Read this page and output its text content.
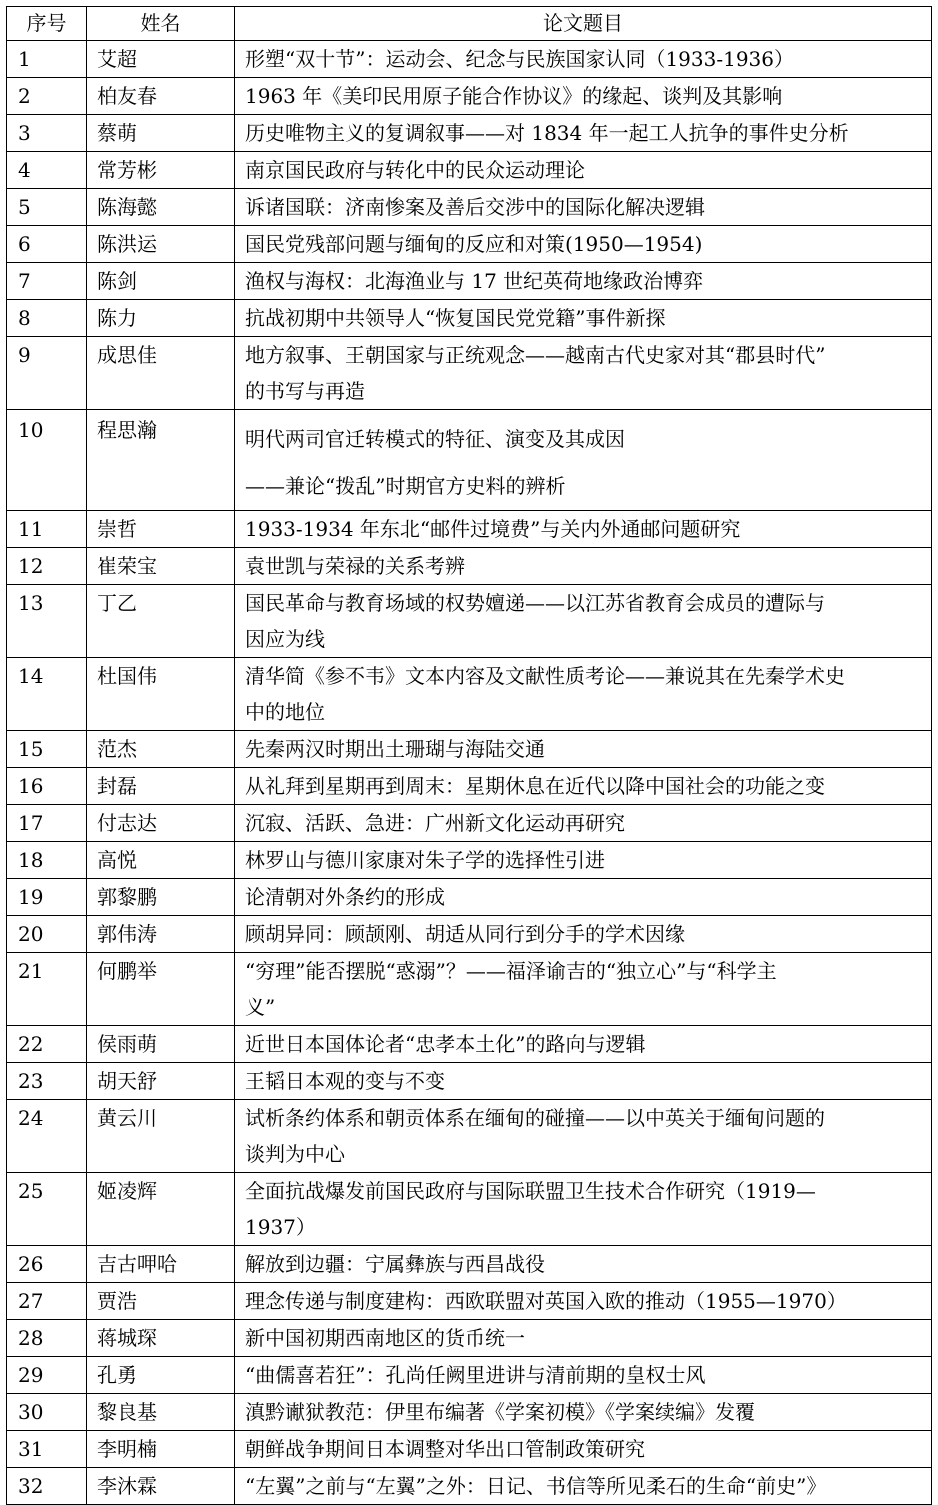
序号	姓名	论文题目
1	艾超	形塑“双十节”：运动会、纪念与民族国家认同（1933-1936）

2	柏友春	1963 年《美印民用原子能合作协议》的缘起、谈判及其影响

3	蔡萌	历史唯物主义的复调叙事——对 1834 年一起工人抗争的事件史分析

4	常芳彬	南京国民政府与转化中的民众运动理论

5	陈海懿	诉诸国联：济南惨案及善后交涉中的国际化解决逻辑

6	陈洪运	国民党残部问题与缅甸的反应和对策(1950—1954)

7	陈剑	渔权与海权：北海渔业与 17 世纪英荷地缘政治博弈

8	陈力	抗战初期中共领导人“恢复国民党党籍”事件新探

9	成思佳	地方叙事、王朝国家与正统观念——越南古代史家对其“郡县时代”
的书写与再造

10	程思瀚	明代两司官迁转模式的特征、演变及其成因
——兼论“拨乱”时期官方史料的辨析

11	崇哲	1933-1934 年东北“邮件过境费”与关内外通邮问题研究

12	崔荣宝	袁世凯与荣禄的关系考辨

13	丁乙	国民革命与教育场域的权势嬗递——以江苏省教育会成员的遭际与
因应为线

14	杜国伟	清华简《参不韦》文本内容及文献性质考论——兼说其在先秦学术史
中的地位

15	范杰	先秦两汉时期出土珊瑚与海陆交通

16	封磊	从礼拜到星期再到周末：星期休息在近代以降中国社会的功能之变

17	付志达	沉寂、活跃、急进：广州新文化运动再研究

18	高悦	林罗山与德川家康对朱子学的选择性引进

19	郭黎鹏	论清朝对外条约的形成

20	郭伟涛	顾胡异同：顾颉刚、胡适从同行到分手的学术因缘

21	何鹏举	“穷理”能否摆脱“惑溺”？——福泽谕吉的“独立心”与“科学主
义”

22	侯雨萌	近世日本国体论者“忠孝本土化”的路向与逻辑

23	胡天舒	王韬日本观的变与不变

24	黄云川	试析条约体系和朝贡体系在缅甸的碰撞——以中英关于缅甸问题的
谈判为中心

25	姬凌辉	全面抗战爆发前国民政府与国际联盟卫生技术合作研究（1919—
1937）

26	吉古呷哈	解放到边疆：宁属彝族与西昌战役

27	贾浩	理念传递与制度建构：西欧联盟对英国入欧的推动（1955—1970）

28	蒋城琛	新中国初期西南地区的货币统一

29	孔勇	“曲儒喜若狂”：孔尚任阙里进讲与清前期的皇权士风

30	黎良基	滇黔谳狱教范：伊里布编著《学案初模》《学案续编》发覆

31	李明楠	朝鲜战争期间日本调整对华出口管制政策研究

32	李沐霖	“左翼”之前与“左翼”之外：日记、书信等所见柔石的生命“前史”》
